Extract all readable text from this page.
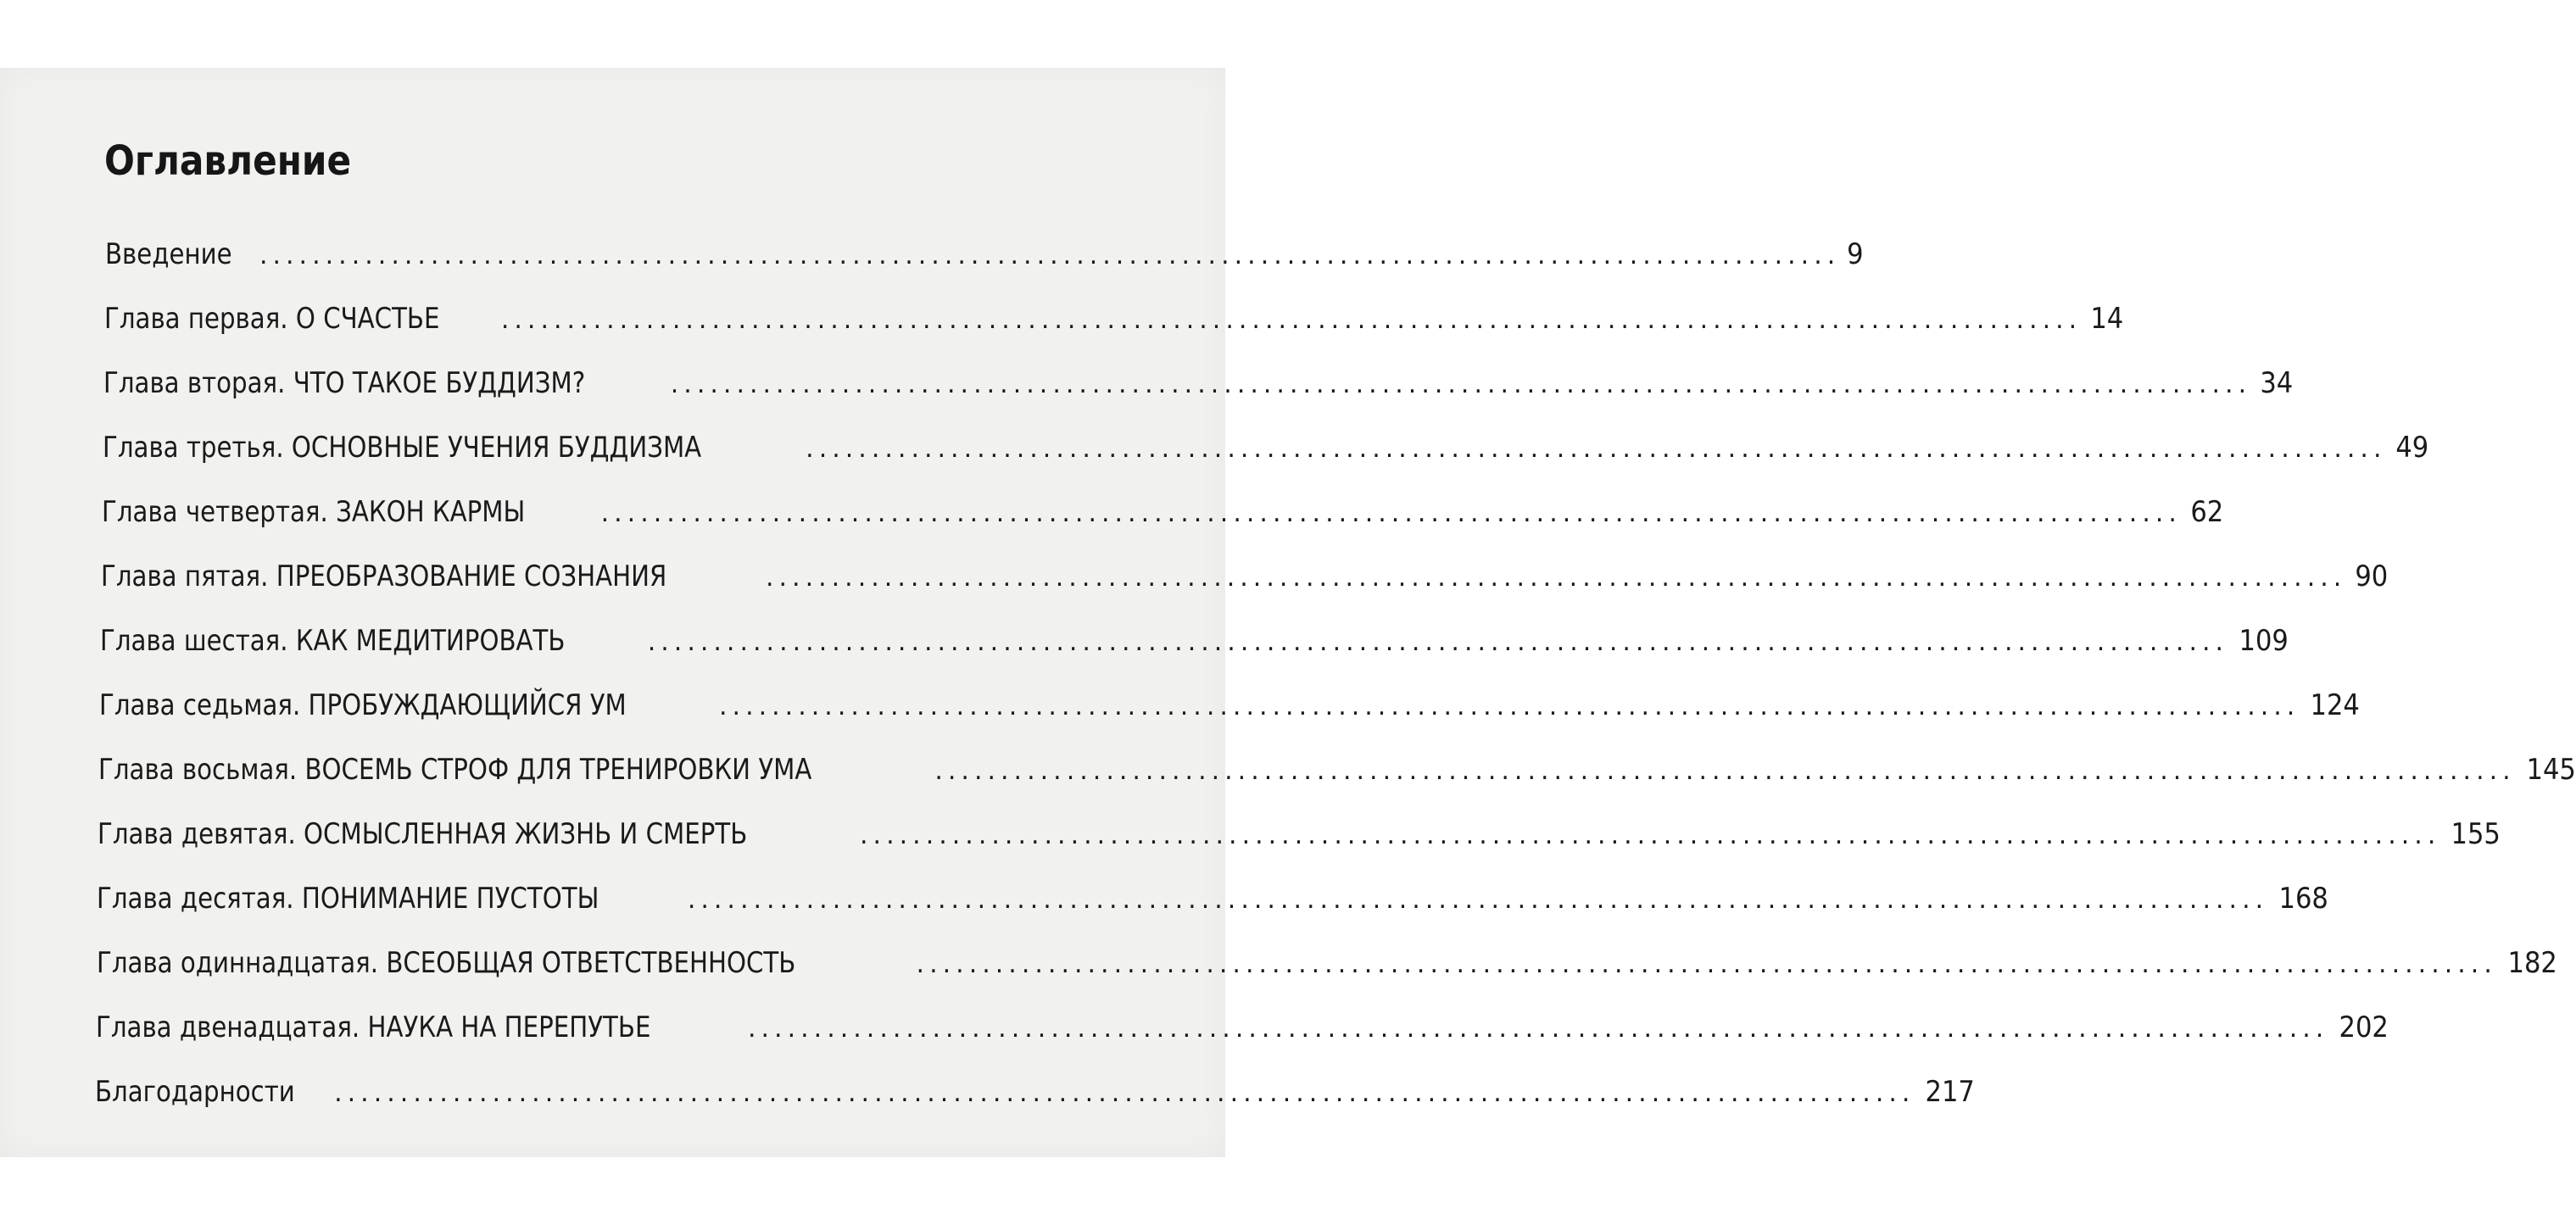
Оглавление
Введение ........................................................................................................................ 9
Глава первая. О СЧАСТЬЕ ........................................................................................................................ 14
Глава вторая. ЧТО ТАКОЕ БУДДИЗМ?	........................................................................................................................ 34
Глава третья. ОСНОВНЫЕ УЧЕНИЯ БУДДИЗМА	........................................................................................................................ 49
Глава четвертая. ЗАКОН КАРМЫ	........................................................................................................................ 62
Глава пятая. ПРЕОБРАЗОВАНИЕ СОЗНАНИЯ	........................................................................................................................ 90
Глава шестая. КАК МЕДИТИРОВАТЬ	........................................................................................................................ 109
Глава седьмая. ПРОБУЖДАЮЩИЙСЯ УМ	........................................................................................................................ 124
Глава восьмая. ВОСЕМЬ СТРОФ ДЛЯ ТРЕНИРОВКИ УМА	........................................................................................................................ 145
Глава девятая. ОСМЫСЛЕННАЯ ЖИЗНЬ И СМЕРТЬ	........................................................................................................................ 155
Глава десятая. ПОНИМАНИЕ ПУСТОТЫ	........................................................................................................................ 168
Глава одиннадцатая. ВСЕОБЩАЯ ОТВЕТСТВЕННОСТЬ	........................................................................................................................ 182
Глава двенадцатая. НАУКА НА ПЕРЕПУТЬЕ	........................................................................................................................ 202
Благодарности ........................................................................................................................ 217
